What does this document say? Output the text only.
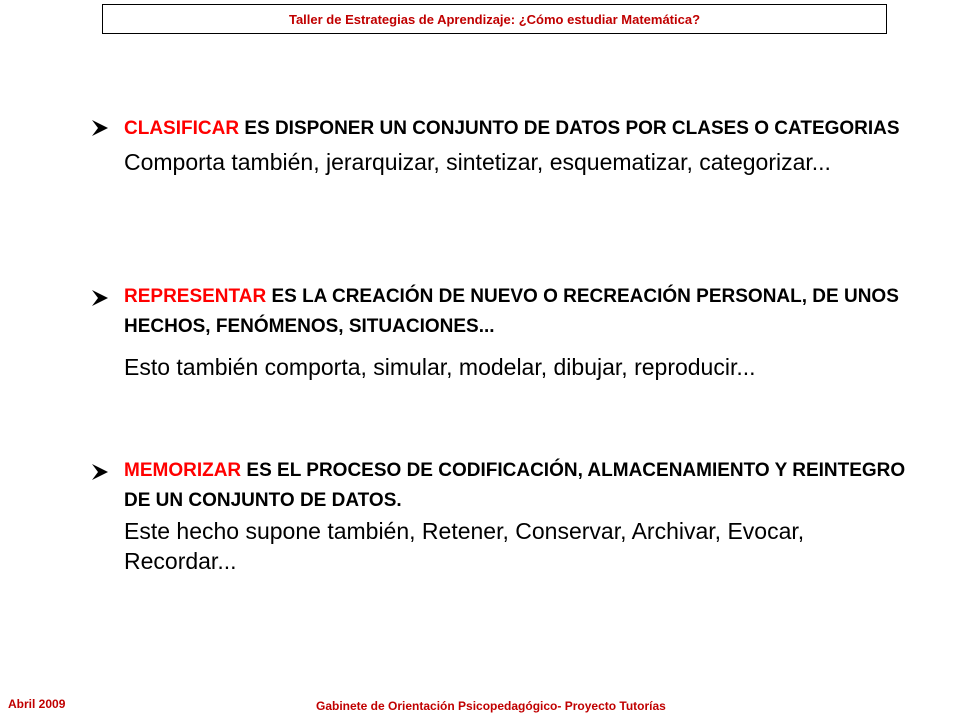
Taller de Estrategias de Aprendizaje: ¿Cómo estudiar Matemática?
CLASIFICAR ES DISPONER UN CONJUNTO DE DATOS POR CLASES O CATEGORIAS
Comporta también, jerarquizar, sintetizar, esquematizar, categorizar...
REPRESENTAR ES LA CREACIÓN DE NUEVO O RECREACIÓN PERSONAL, DE UNOS HECHOS, FENÓMENOS, SITUACIONES...
Esto también comporta, simular, modelar, dibujar, reproducir...
MEMORIZAR ES EL PROCESO DE CODIFICACIÓN, ALMACENAMIENTO Y REINTEGRO DE UN CONJUNTO DE DATOS.
Este hecho supone también, Retener, Conservar, Archivar, Evocar, Recordar...
Abril 2009	Gabinete de Orientación Psicopedagógico- Proyecto Tutorías
